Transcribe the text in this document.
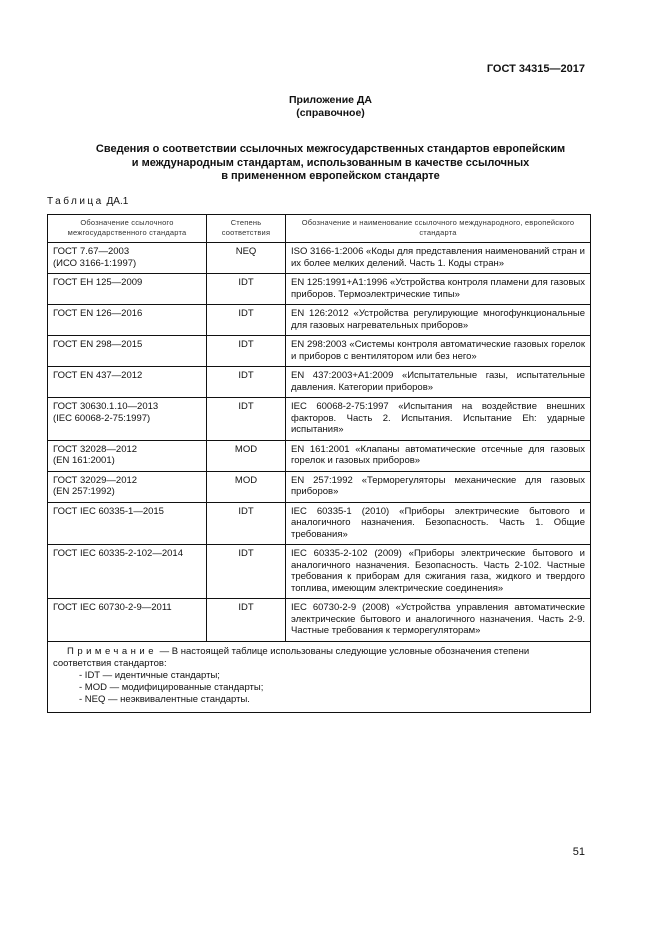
ГОСТ 34315—2017
Приложение ДА
(справочное)
Сведения о соответствии ссылочных межгосударственных стандартов европейским
и международным стандартам, использованным в качестве ссылочных
в примененном европейском стандарте
Таблица ДА.1
Обозначение ссылочного межгосударственного стандарта	Степень соответствия	Обозначение и наименование ссылочного международного, европейского стандарта

ГОСТ 7.67—2003
(ИСО 3166-1:1997)	NEQ	ISO 3166-1:2006 «Коды для представления наименований стран и их более мелких делений. Часть 1. Коды стран»

ГОСТ ЕН 125—2009	IDT	EN 125:1991+A1:1996 «Устройства контроля пламени для газовых приборов. Термоэлектрические типы»

ГОСТ EN 126—2016	IDT	EN 126:2012 «Устройства регулирующие многофункциональные для газовых нагревательных приборов»

ГОСТ EN 298—2015	IDT	EN 298:2003 «Системы контроля автоматические газовых горелок и приборов с вентилятором или без него»

ГОСТ EN 437—2012	IDT	EN 437:2003+A1:2009 «Испытательные газы, испытательные давления. Категории приборов»

ГОСТ 30630.1.10—2013
(IEC 60068-2-75:1997)	IDT	IEC 60068-2-75:1997 «Испытания на воздействие внешних факторов. Часть 2. Испытания. Испытание Eh: ударные испытания»

ГОСТ 32028—2012
(EN 161:2001)	MOD	EN 161:2001 «Клапаны автоматические отсечные для газовых горелок и газовых приборов»

ГОСТ 32029—2012
(EN 257:1992)	MOD	EN 257:1992 «Терморегуляторы механические для газовых приборов»

ГОСТ IEC 60335-1—2015	IDT	IEC 60335-1 (2010) «Приборы электрические бытового и аналогичного назначения. Безопасность. Часть 1. Общие требования»

ГОСТ IEC 60335-2-102—2014	IDT	IEC 60335-2-102 (2009) «Приборы электрические бытового и аналогичного назначения. Безопасность. Часть 2-102. Частные требования к приборам для сжигания газа, жидкого и твердого топлива, имеющим электрические соединения»

ГОСТ IEC 60730-2-9—2011	IDT	IEC 60730-2-9 (2008) «Устройства управления автоматические электрические бытового и аналогичного назначения. Часть 2-9. Частные требования к терморегуляторам»

Примечание — В настоящей таблице использованы следующие условные обозначения степени соответствия стандартов:
- IDT — идентичные стандарты;
- MOD — модифицированные стандарты;
- NEQ — неэквивалентные стандарты.		
51
